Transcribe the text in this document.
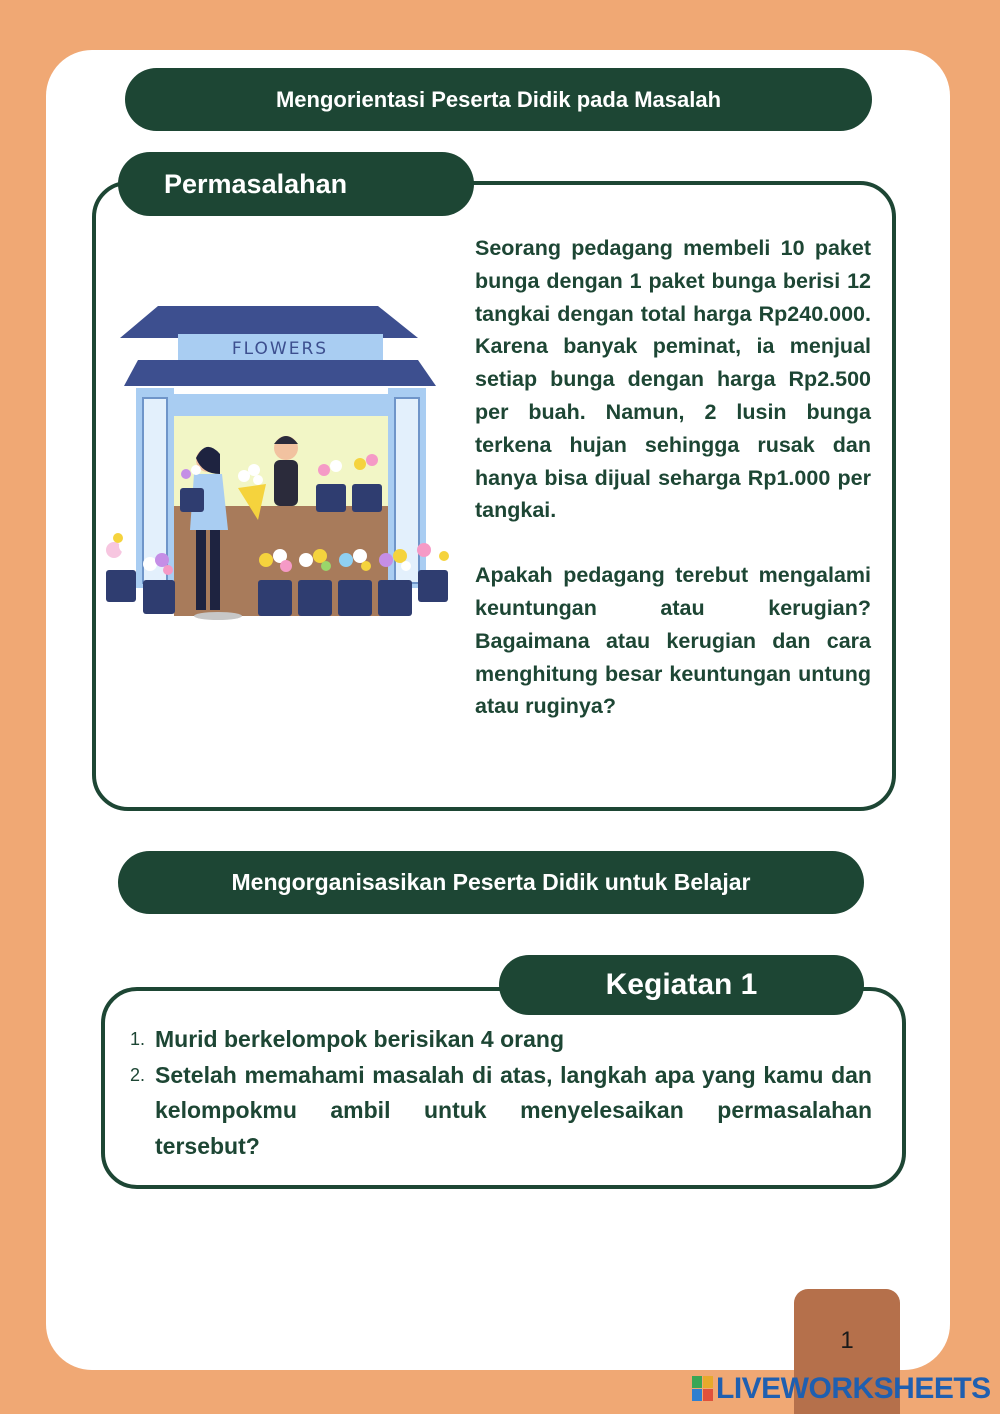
Mengorientasi Peserta Didik pada Masalah
Permasalahan
FLOWERS

Seorang pedagang membeli 10 paket bunga dengan 1 paket bunga berisi 12 tangkai dengan total harga Rp240.000. Karena banyak peminat, ia menjual setiap bunga dengan harga Rp2.500 per buah. Namun, 2 lusin bunga terkena hujan sehingga rusak dan hanya bisa dijual seharga Rp1.000 per tangkai.

Apakah pedagang terebut mengalami keuntungan atau kerugian? Bagaimana atau kerugian dan cara menghitung besar keuntungan untung atau ruginya?

Mengorganisasikan Peserta Didik untuk Belajar
Kegiatan 1
1. Murid berkelompok berisikan 4 orang
2. Setelah memahami masalah di atas, langkah apa yang kamu dan kelompokmu ambil untuk menyelesaikan permasalahan tersebut?
1
LIVEWORKSHEETS
